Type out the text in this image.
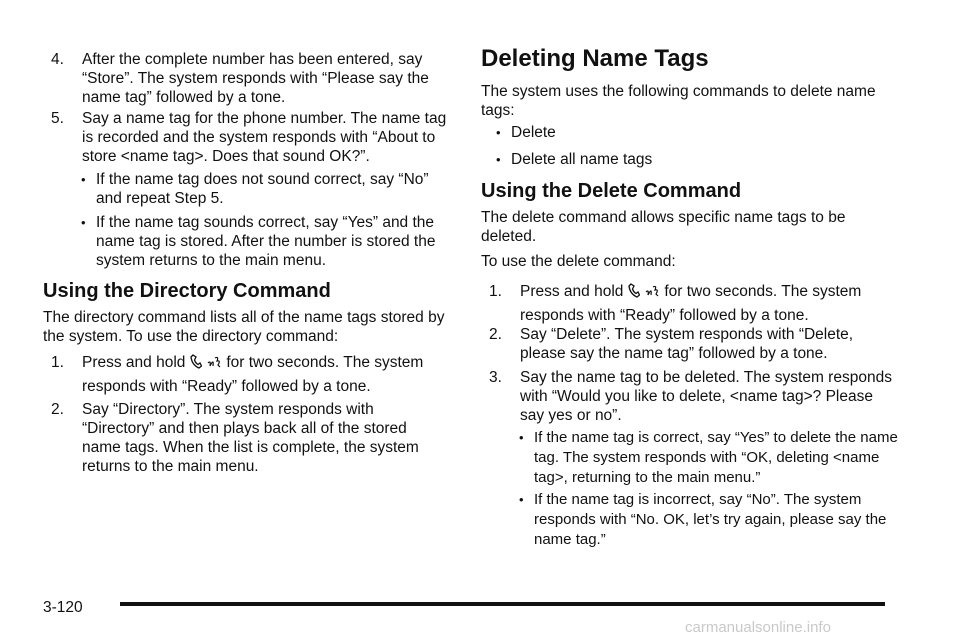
4. After the complete number has been entered, say “Store”. The system responds with “Please say the name tag” followed by a tone.

5. Say a name tag for the phone number. The name tag is recorded and the system responds with “About to store <name tag>. Does that sound OK?”.

• If the name tag does not sound correct, say “No” and repeat Step 5.

• If the name tag sounds correct, say “Yes” and the name tag is stored. After the number is stored the system returns to the main menu.

Using the Directory Command

The directory command lists all of the name tags stored by the system. To use the directory command:

1. Press and hold	for two seconds. The system
responds with “Ready” followed by a tone.
2. Say “Directory”. The system responds with “Directory” and then plays back all of the stored name tags. When the list is complete, the system returns to the main menu.

Deleting Name Tags

The system uses the following commands to delete name tags:

• Delete

• Delete all name tags

Using the Delete Command

The delete command allows specific name tags to be deleted.

To use the delete command:

1. Press and hold	for two seconds. The system
responds with “Ready” followed by a tone.
2. Say “Delete”. The system responds with “Delete, please say the name tag” followed by a tone.

3. Say the name tag to be deleted. The system responds with “Would you like to delete, <name tag>? Please say yes or no”.

• If the name tag is correct, say “Yes” to delete the name tag. The system responds with “OK, deleting <name tag>, returning to the main menu.”

• If the name tag is incorrect, say “No”. The system responds with “No. OK, let’s try again, please say the name tag.”

3-120
carmanualsonline.info
